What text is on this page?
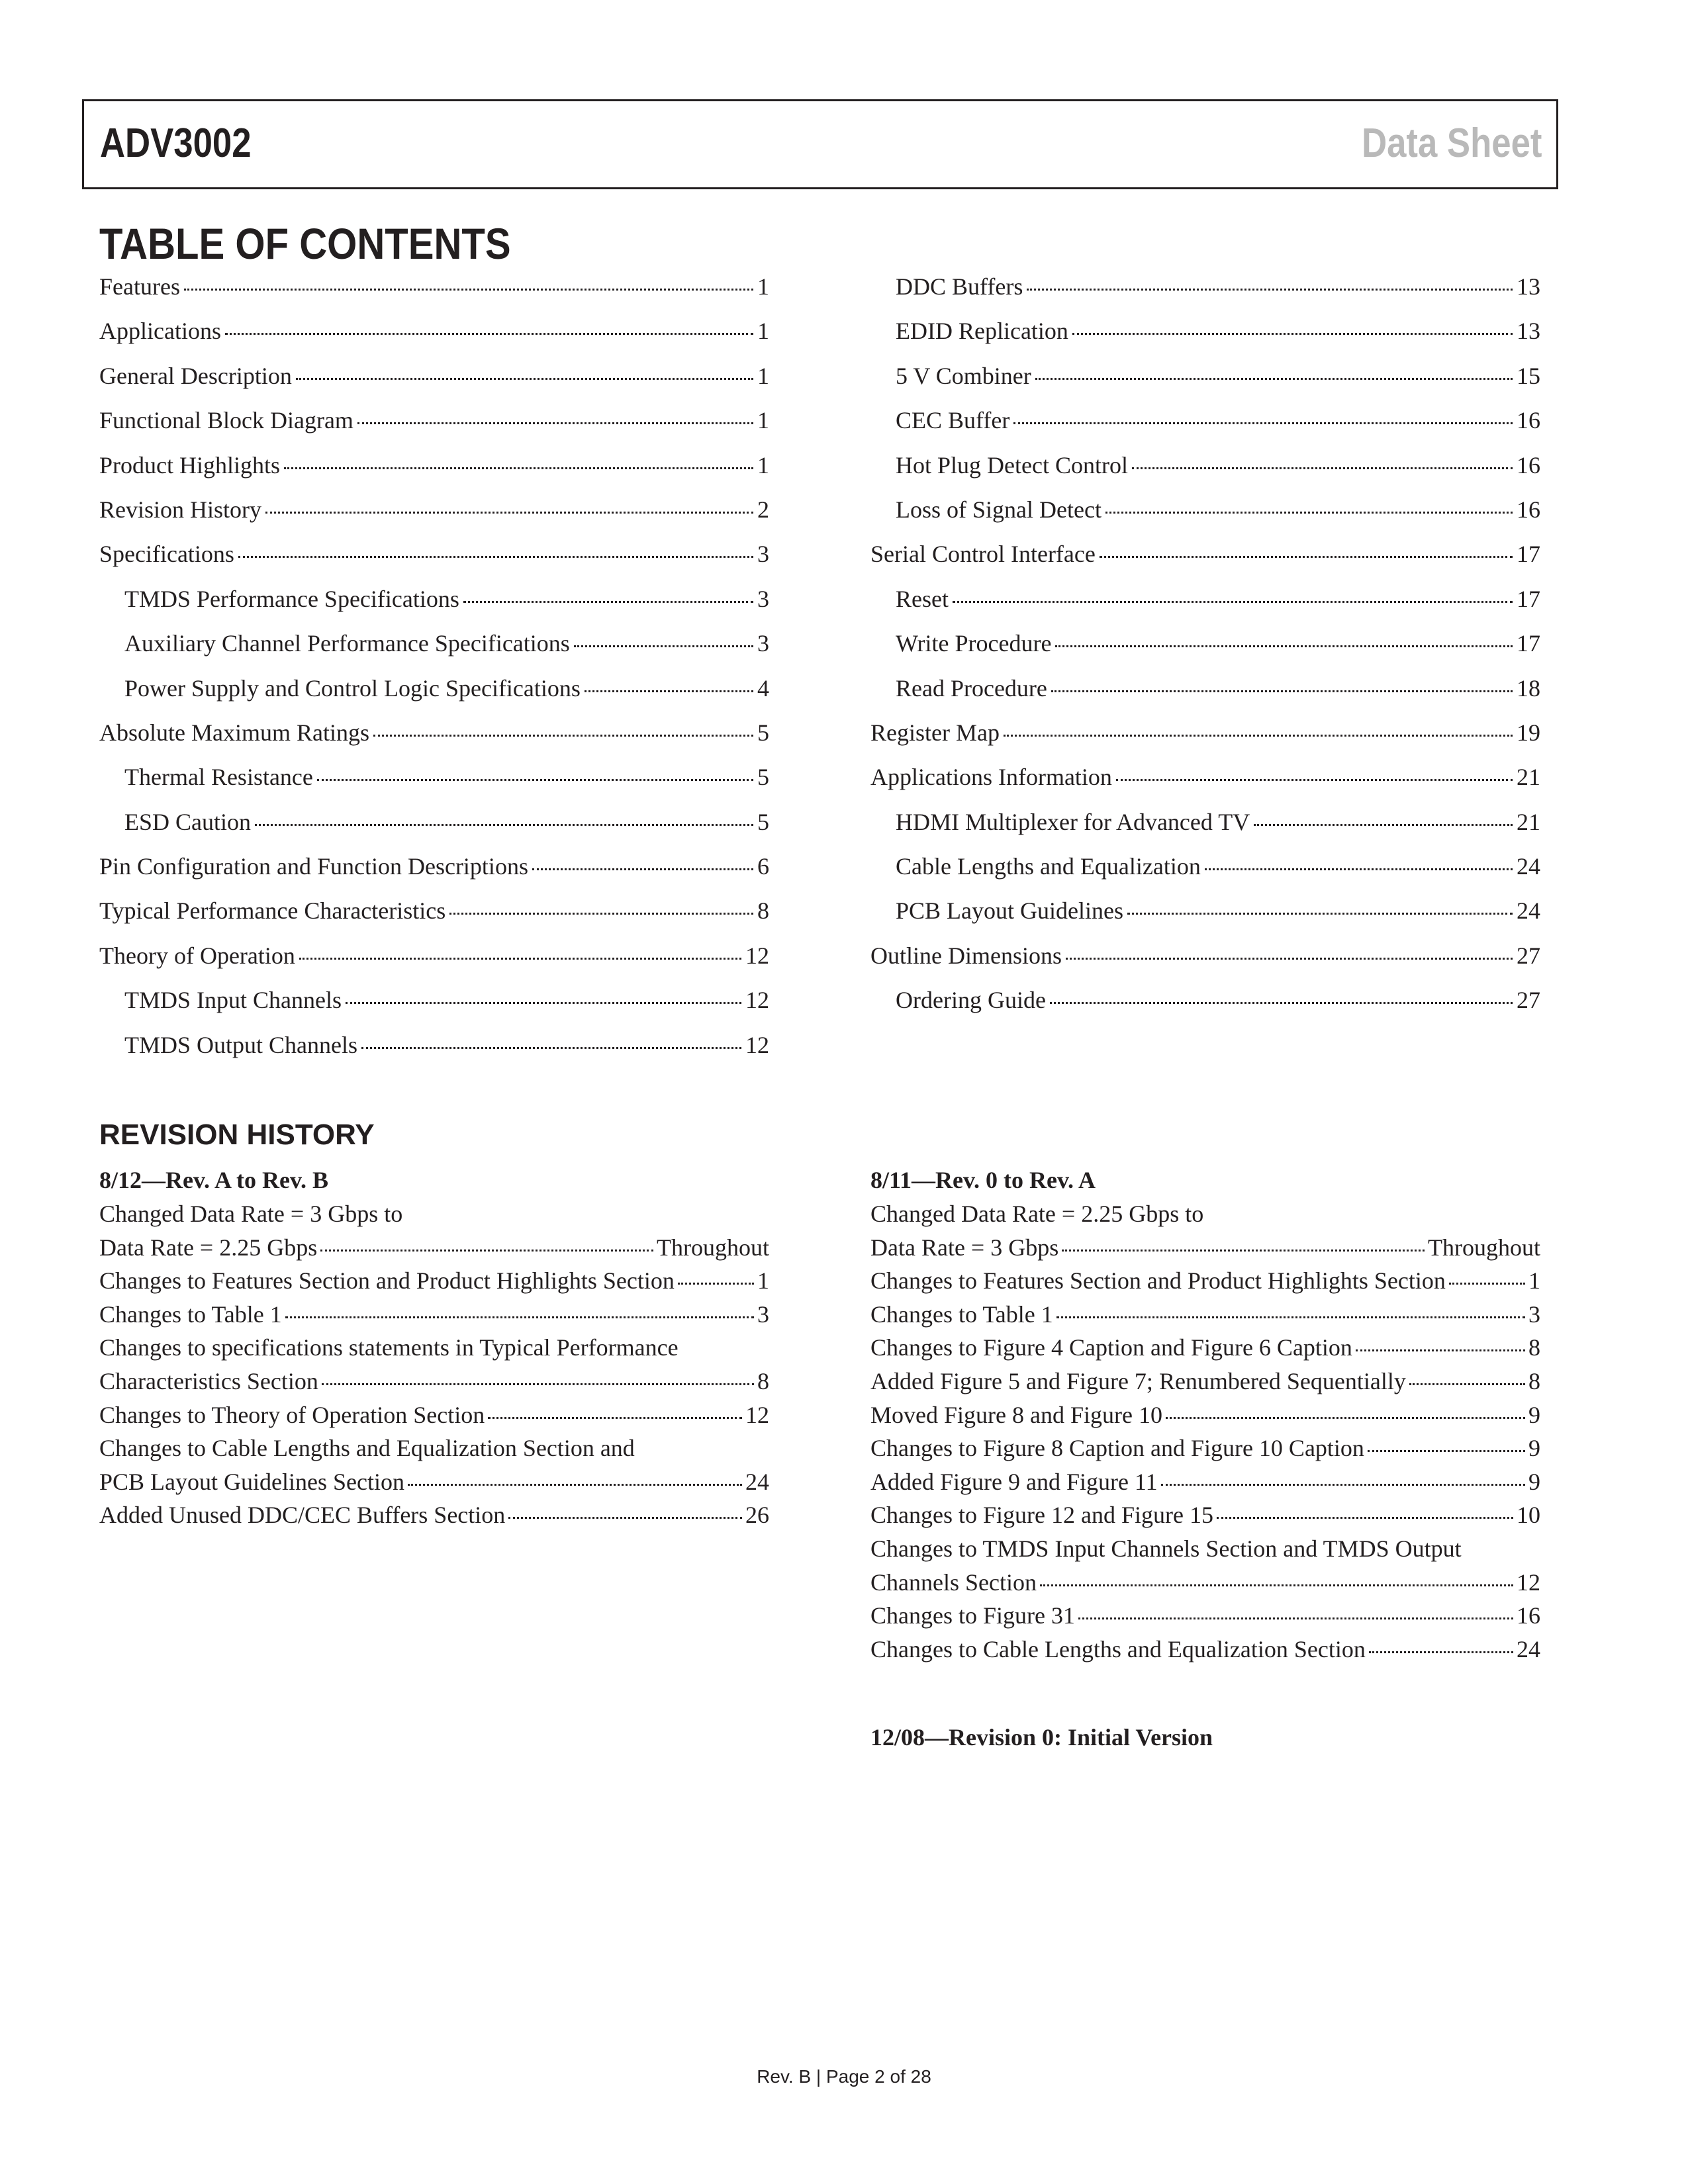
ADV3002	Data Sheet
TABLE OF CONTENTS
Features	1
Applications	1
General Description	1
Functional Block Diagram	1
Product Highlights	1
Revision History	2
Specifications	3
TMDS Performance Specifications	3
Auxiliary Channel Performance Specifications	3
Power Supply and Control Logic Specifications	4
Absolute Maximum Ratings	5
Thermal Resistance	5
ESD Caution	5
Pin Configuration and Function Descriptions	6
Typical Performance Characteristics	8
Theory of Operation	12
TMDS Input Channels	12
TMDS Output Channels	12
DDC Buffers	13
EDID Replication	13
5 V Combiner	15
CEC Buffer	16
Hot Plug Detect Control	16
Loss of Signal Detect	16
Serial Control Interface	17
Reset	17
Write Procedure	17
Read Procedure	18
Register Map	19
Applications Information	21
HDMI Multiplexer for Advanced TV	21
Cable Lengths and Equalization	24
PCB Layout Guidelines	24
Outline Dimensions	27
Ordering Guide	27
REVISION HISTORY
8/12—Rev. A to Rev. B
Changed Data Rate = 3 Gbps to
Data Rate = 2.25 Gbps	Throughout
Changes to Features Section and Product Highlights Section	1
Changes to Table 1	3
Changes to specifications statements in Typical Performance
Characteristics Section	8
Changes to Theory of Operation Section	12
Changes to Cable Lengths and Equalization Section and
PCB Layout Guidelines Section	24
Added Unused DDC/CEC Buffers Section	26
8/11—Rev. 0 to Rev. A
Changed Data Rate = 2.25 Gbps to
Data Rate = 3 Gbps	Throughout
Changes to Features Section and Product Highlights Section	1
Changes to Table 1	3
Changes to Figure 4 Caption and Figure 6 Caption	8
Added Figure 5 and Figure 7; Renumbered Sequentially	8
Moved Figure 8 and Figure 10	9
Changes to Figure 8 Caption and Figure 10 Caption	9
Added Figure 9 and Figure 11	9
Changes to Figure 12 and Figure 15	10
Changes to TMDS Input Channels Section and TMDS Output
Channels Section	12
Changes to Figure 31	16
Changes to Cable Lengths and Equalization Section	24
12/08—Revision 0: Initial Version
Rev. B | Page 2 of 28
